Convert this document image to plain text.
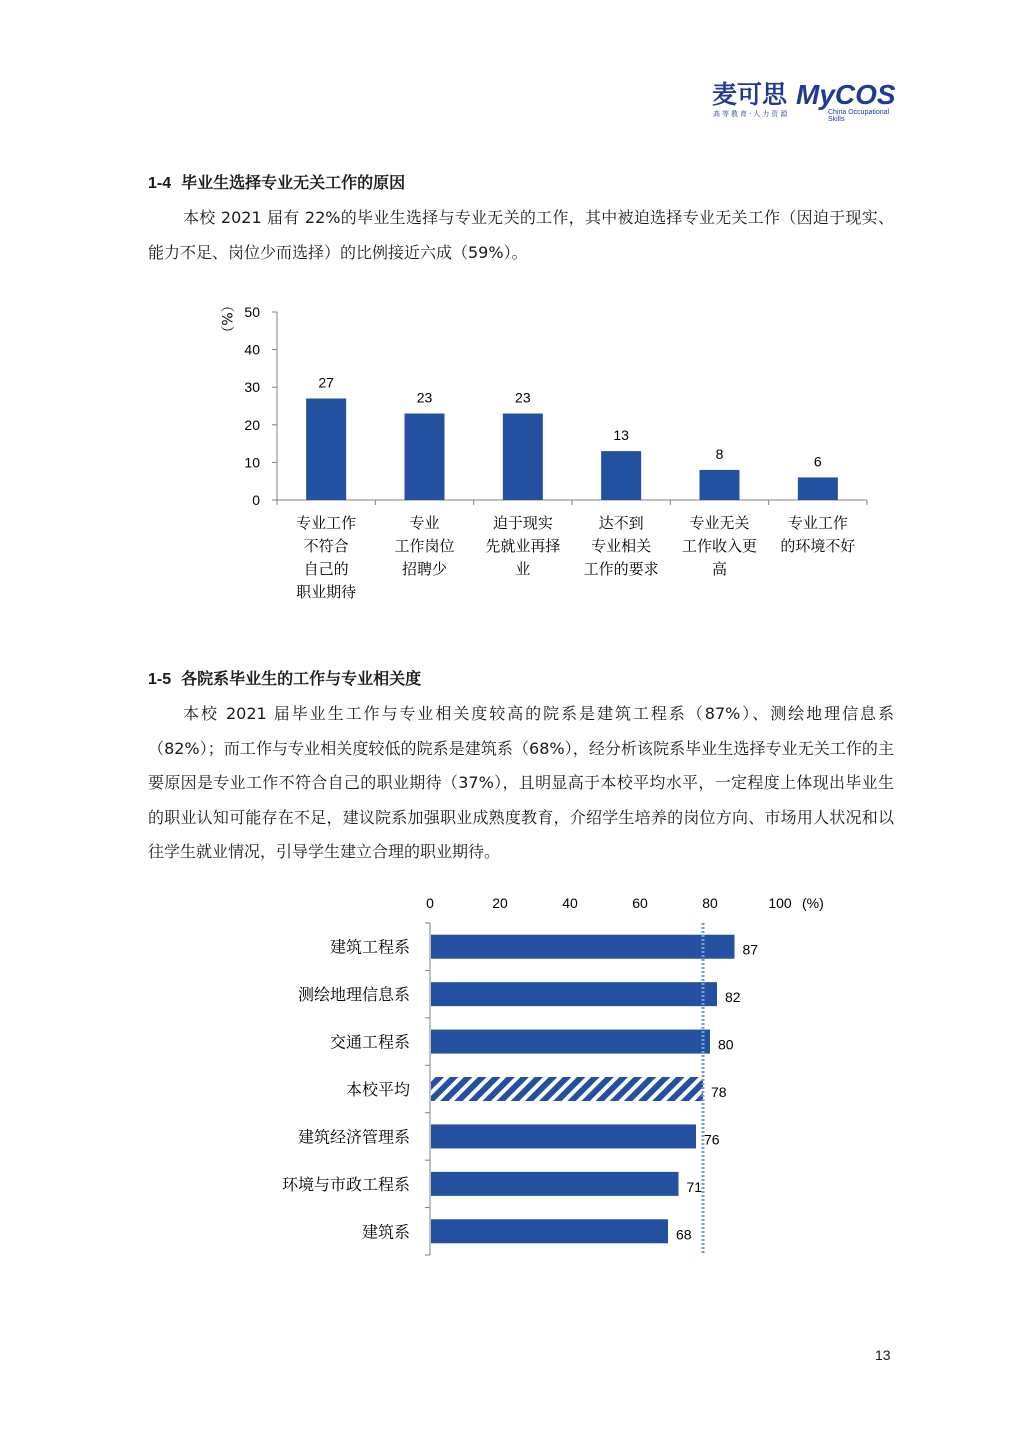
麦可思 MyCOS
高等教育·人力资源	China Occupational Skills
1-4 毕业生选择专业无关工作的原因
本校 2021 届有 22%的毕业生选择与专业无关的工作，其中被迫选择专业无关工作（因迫于现实、能力不足、岗位少而选择）的比例接近六成（59%）。
0
10
20
30
40
50
（%）
27
专业工作
不符合
自己的
职业期待
23
专业
工作岗位
招聘少
23
迫于现实
先就业再择
业
13
达不到
专业相关
工作的要求
8
专业无关
工作收入更
高
6
专业工作
的环境不好
1-5 各院系毕业生的工作与专业相关度
本校 2021 届毕业生工作与专业相关度较高的院系是建筑工程系（87%）、测绘地理信息系（82%）；而工作与专业相关度较低的院系是建筑系（68%），经分析该院系毕业生选择专业无关工作的主要原因是专业工作不符合自己的职业期待（37%），且明显高于本校平均水平，一定程度上体现出毕业生的职业认知可能存在不足，建议院系加强职业成熟度教育，介绍学生培养的岗位方向、市场用人状况和以往学生就业情况，引导学生建立合理的职业期待。
0	20	40	60	80	100 (%)
87
建筑工程系
82
测绘地理信息系
80
交通工程系
78
本校平均
76
建筑经济管理系
71
环境与市政工程系
68
建筑系
13
